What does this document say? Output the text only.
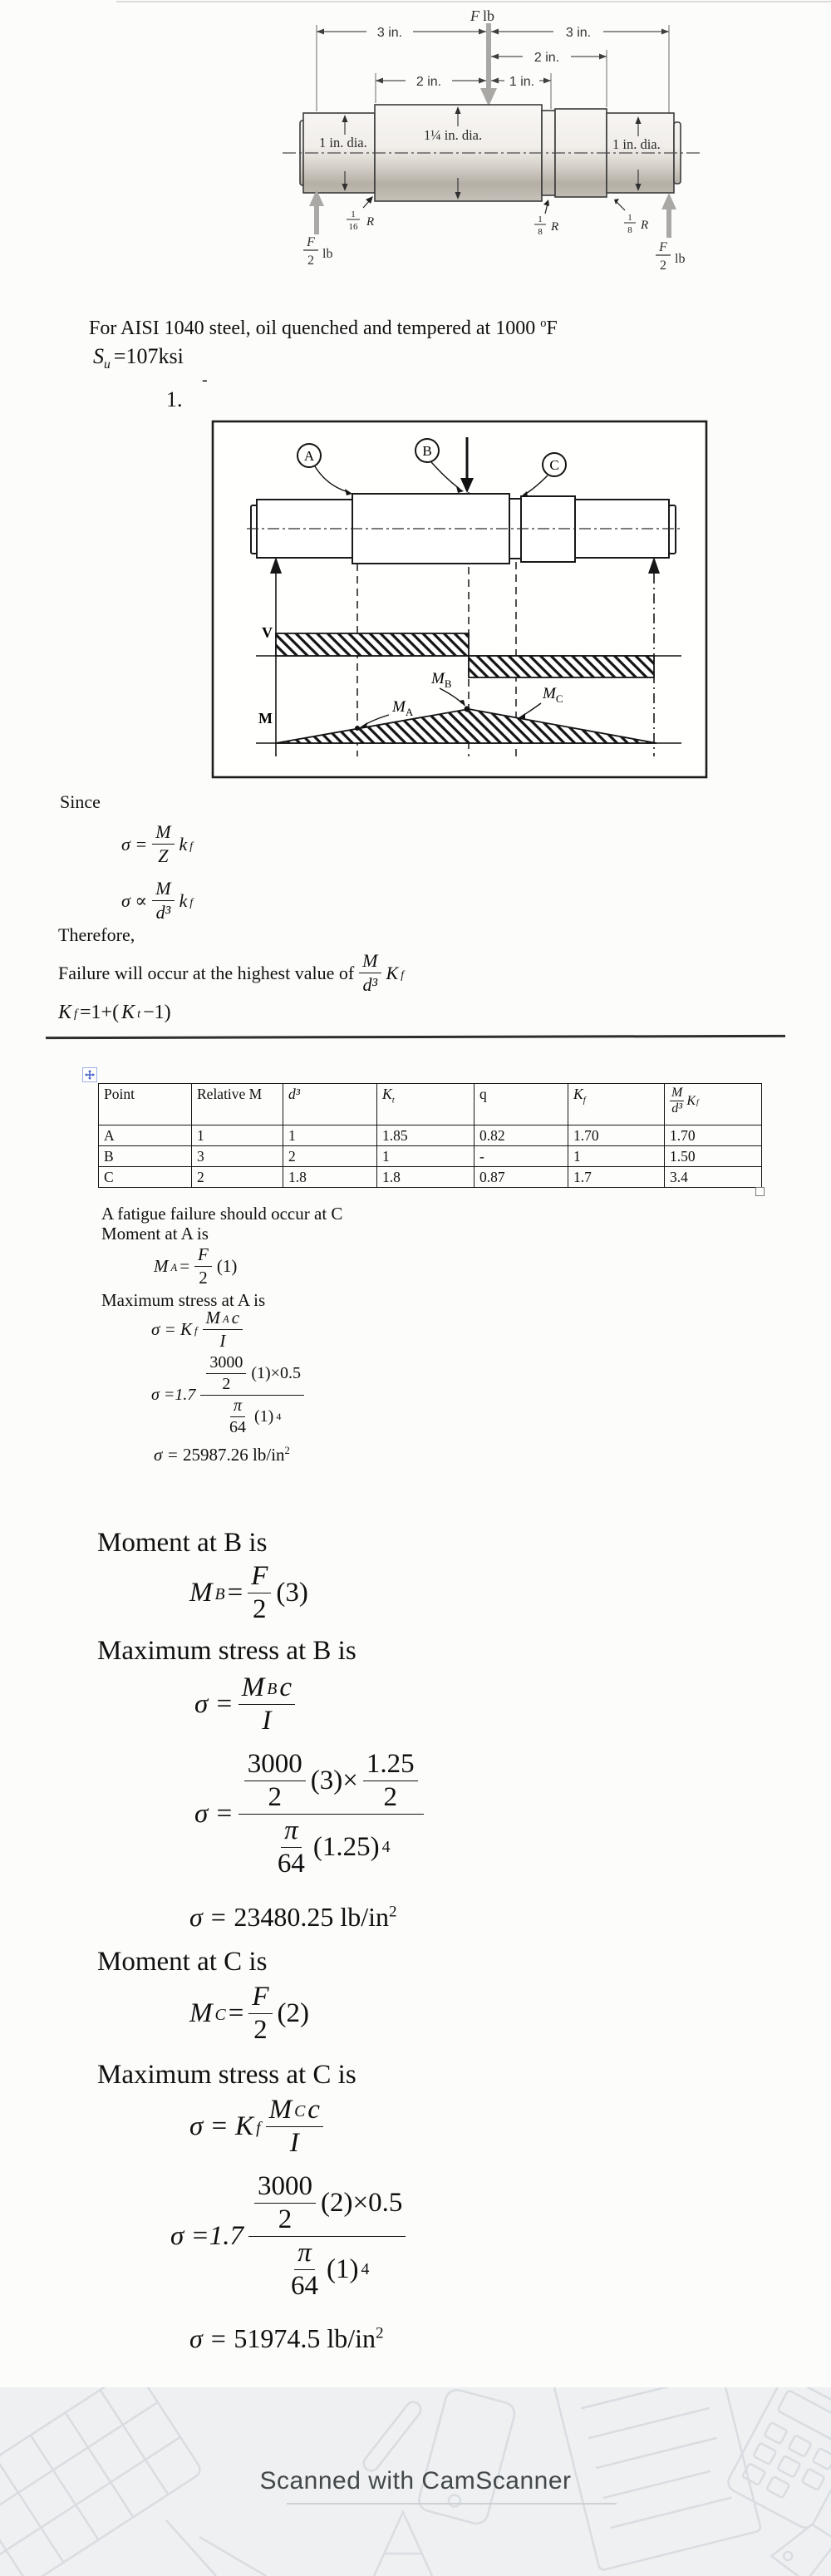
3 in.	3 in.
2 in.
2 in.	1 in.
F lb
1 in. dia.	1¼ in. dia.
1 in. dia.
1
16 R	1
8 R
1
8 R
F
2 lb	F
2 lb
For AISI 1040 steel, oil quenched and tempered at 1000 $^o$F
$S_u =107ksi$
-
1.
A	B
C
V
M
$M_A$
$M_B$
$M_C$
Since
$\sigma = \frac{M}{Z}$ k f
$\sigma \propto \frac{M}{\text{d³}}$ k f
Therefore,
Failure will occur at the highest value of $\frac{M}{\text{d³}}$ K f
K f =1+( K t −1)
Point	Relative M	d³	$K_t$	q	$K_f$	$\frac{M}{\text{d³}}$ K f

A	1	1	1.85	0.82	1.70	1.70
B	3	2	1	-	1	1.50
C	2	1.8	1.8	0.87	1.7	3.4
A fatigue failure should occur at C
Moment at A is
M $A = \frac{F}{2} (1)$
Maximum stress at A is
σ = K f $\frac{\text{M A c}}{I}$
$\sigma =1.7 \frac{\frac{3000}{2} (1)\times 0.5}{\frac{\pi}{64} (1) 4}$
σ = 25987.26 $lb/in^2$
Moment at B is
M $B = \frac{F}{2} (3)$
Maximum stress at B is
$\sigma = \frac{\text{M B c}}{I}$
$\sigma = \frac{\frac{3000}{2} (3)\times \frac{1.25}{2}}{\frac{\pi}{64} (1.25) 4}$
σ = 23480.25 $lb/in^2$
Moment at C is
M $C = \frac{F}{2} (2)$
Maximum stress at C is
σ = K f $\frac{\text{M C c}}{I}$
$\sigma =1.7 \frac{\frac{3000}{2} (2)\times 0.5}{\frac{\pi}{64} (1) 4}$
σ = 51974.5 $lb/in^2$
Scanned with CamScanner
